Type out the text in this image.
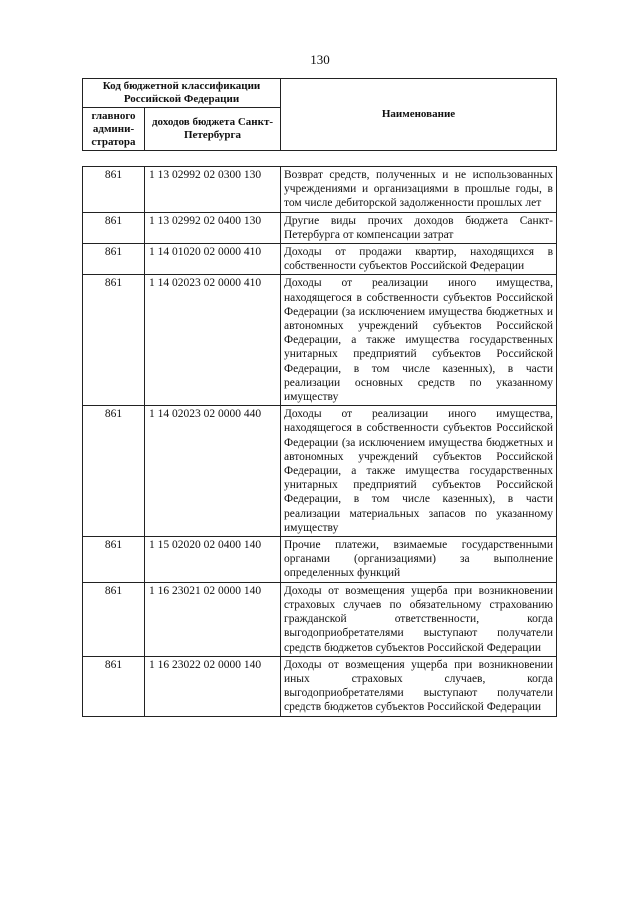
130
Код бюджетной классификации Российской Федерации		Наименование
главного админи-стратора	доходов бюджета Санкт-Петербурга	
861	1 13 02992 02 0300 130	Возврат средств, полученных и не использованных учреждениями и организациями в прошлые годы, в том числе дебиторской задолженности прошлых лет
861	1 13 02992 02 0400 130	Другие виды прочих доходов бюджета Санкт-Петербурга от компенсации затрат
861	1 14 01020 02 0000 410	Доходы от продажи квартир, находящихся в собственности субъектов Российской Федерации
861	1 14 02023 02 0000 410	Доходы от реализации иного имущества, находящегося в собственности субъектов Российской Федерации (за исключением имущества бюджетных и автономных учреждений субъектов Российской Федерации, а также имущества государственных унитарных предприятий субъектов Российской Федерации, в том числе казенных), в части реализации основных средств по указанному имуществу
861	1 14 02023 02 0000 440	Доходы от реализации иного имущества, находящегося в собственности субъектов Российской Федерации (за исключением имущества бюджетных и автономных учреждений субъектов Российской Федерации, а также имущества государственных унитарных предприятий субъектов Российской Федерации, в том числе казенных), в части реализации материальных запасов по указанному имуществу
861	1 15 02020 02 0400 140	Прочие платежи, взимаемые государственными органами (организациями) за выполнение определенных функций
861	1 16 23021 02 0000 140	Доходы от возмещения ущерба при возникновении страховых случаев по обязательному страхованию гражданской ответственности, когда выгодоприобретателями выступают получатели средств бюджетов субъектов Российской Федерации
861	1 16 23022 02 0000 140	Доходы от возмещения ущерба при возникновении иных страховых случаев, когда выгодоприобретателями выступают получатели средств бюджетов субъектов Российской Федерации
